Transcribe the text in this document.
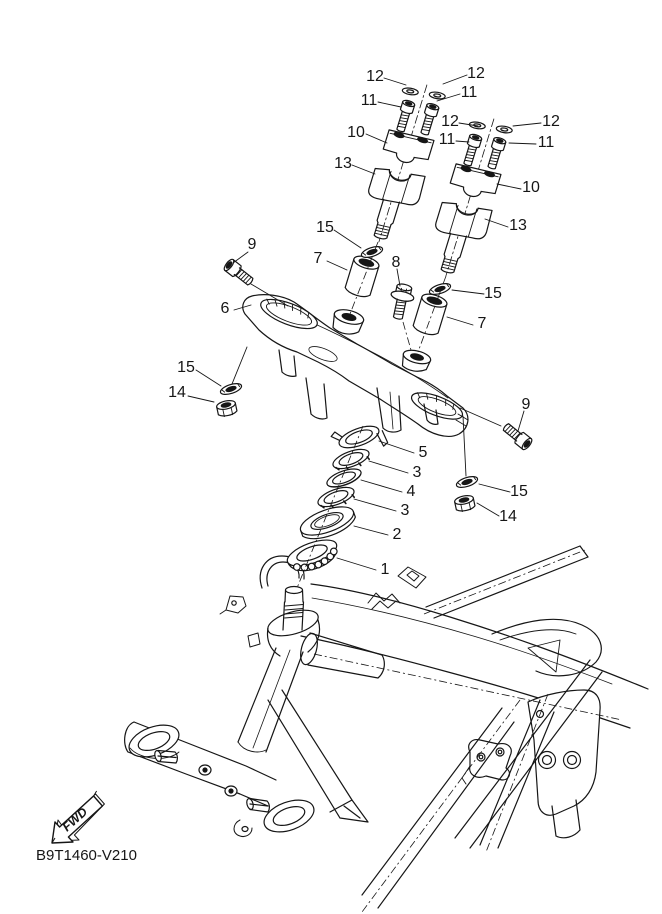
12	12
11	11
10
12	12
11	11
13
10
13
15
9
7	8
15
6
7
15
14
9
5
3
4
3
2
15
14
1
FWD
B9T1460-V210
